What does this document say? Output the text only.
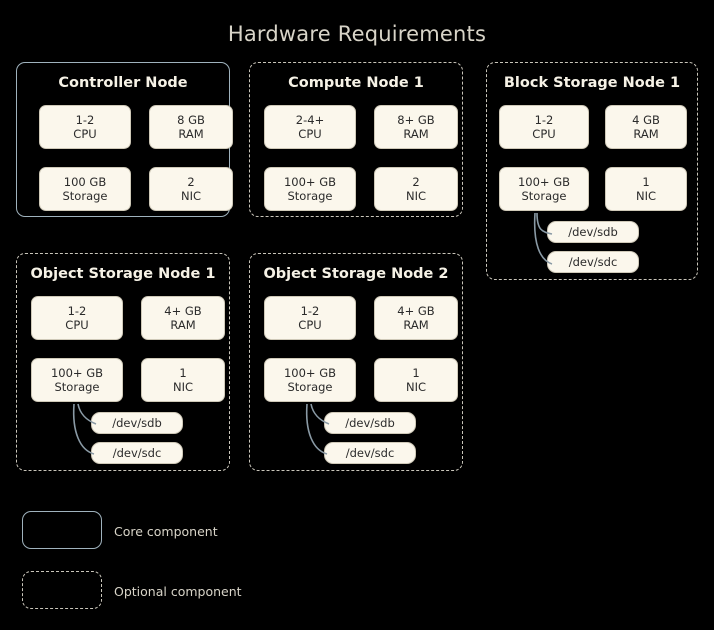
Hardware Requirements
Controller Node
1-2
CPU
8 GB
RAM
100 GB
Storage
2
NIC
Compute Node 1
2-4+
CPU
8+ GB
RAM
100+ GB
Storage
2
NIC
Block Storage Node 1
1-2
CPU
4 GB
RAM
100+ GB
Storage
1
NIC
/dev/sdb
/dev/sdc
Object Storage Node 1
1-2
CPU
4+ GB
RAM
100+ GB
Storage
1
NIC
/dev/sdb
/dev/sdc
Object Storage Node 2
1-2
CPU
4+ GB
RAM
100+ GB
Storage
1
NIC
/dev/sdb
/dev/sdc
Core component
Optional component
